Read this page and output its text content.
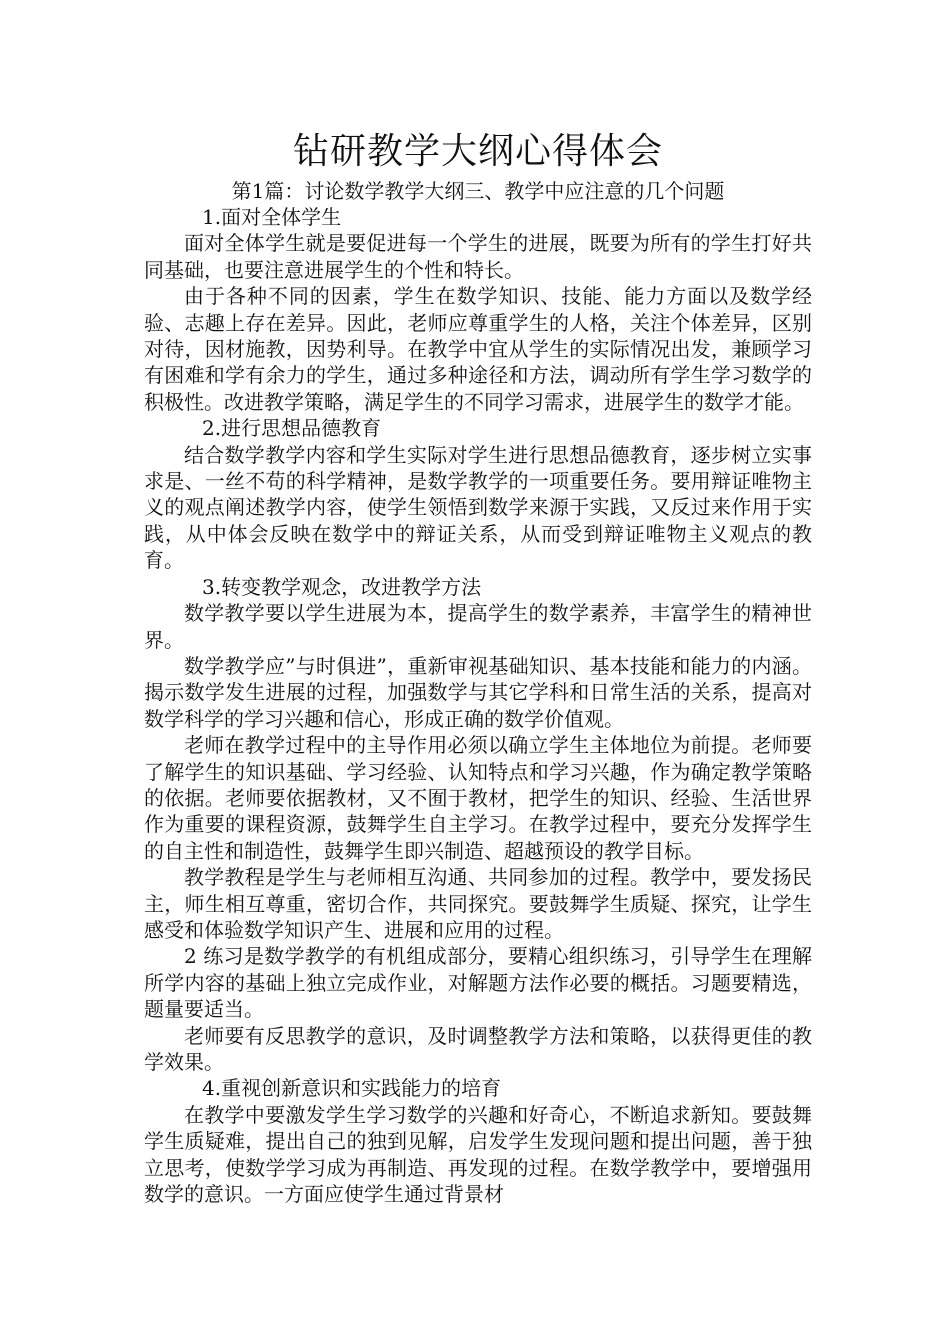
钻研教学大纲心得体会

第1篇：讨论数学教学大纲三、教学中应注意的几个问题

1.面对全体学生

面对全体学生就是要促进每一个学生的进展，既要为所有的学生打好共同基础，也要注意进展学生的个性和特长。

由于各种不同的因素，学生在数学知识、技能、能力方面以及数学经验、志趣上存在差异。因此，老师应尊重学生的人格，关注个体差异，区别对待，因材施教，因势利导。在教学中宜从学生的实际情况出发，兼顾学习有困难和学有余力的学生，通过多种途径和方法，调动所有学生学习数学的积极性。改进教学策略，满足学生的不同学习需求，进展学生的数学才能。

2.进行思想品德教育

结合数学教学内容和学生实际对学生进行思想品德教育，逐步树立实事求是、一丝不苟的科学精神，是数学教学的一项重要任务。要用辩证唯物主义的观点阐述教学内容，使学生领悟到数学来源于实践，又反过来作用于实践，从中体会反映在数学中的辩证关系，从而受到辩证唯物主义观点的教育。

3.转变教学观念，改进教学方法

数学教学要以学生进展为本，提高学生的数学素养，丰富学生的精神世界。

数学教学应”与时俱进”，重新审视基础知识、基本技能和能力的内涵。揭示数学发生进展的过程，加强数学与其它学科和日常生活的关系，提高对数学科学的学习兴趣和信心，形成正确的数学价值观。

老师在教学过程中的主导作用必须以确立学生主体地位为前提。老师要了解学生的知识基础、学习经验、认知特点和学习兴趣，作为确定教学策略的依据。老师要依据教材，又不囿于教材，把学生的知识、经验、生活世界作为重要的课程资源，鼓舞学生自主学习。在教学过程中，要充分发挥学生的自主性和制造性，鼓舞学生即兴制造、超越预设的教学目标。

教学教程是学生与老师相互沟通、共同参加的过程。教学中，要发扬民主，师生相互尊重，密切合作，共同探究。要鼓舞学生质疑、探究，让学生感受和体验数学知识产生、进展和应用的过程。

2 练习是数学教学的有机组成部分，要精心组织练习，引导学生在理解所学内容的基础上独立完成作业，对解题方法作必要的概括。习题要精选，题量要适当。

老师要有反思教学的意识，及时调整教学方法和策略，以获得更佳的教学效果。

4.重视创新意识和实践能力的培育

在教学中要激发学生学习数学的兴趣和好奇心，不断追求新知。要鼓舞学生质疑难，提出自己的独到见解，启发学生发现问题和提出问题，善于独立思考，使数学学习成为再制造、再发现的过程。在数学教学中，要增强用数学的意识。一方面应使学生通过背景材
